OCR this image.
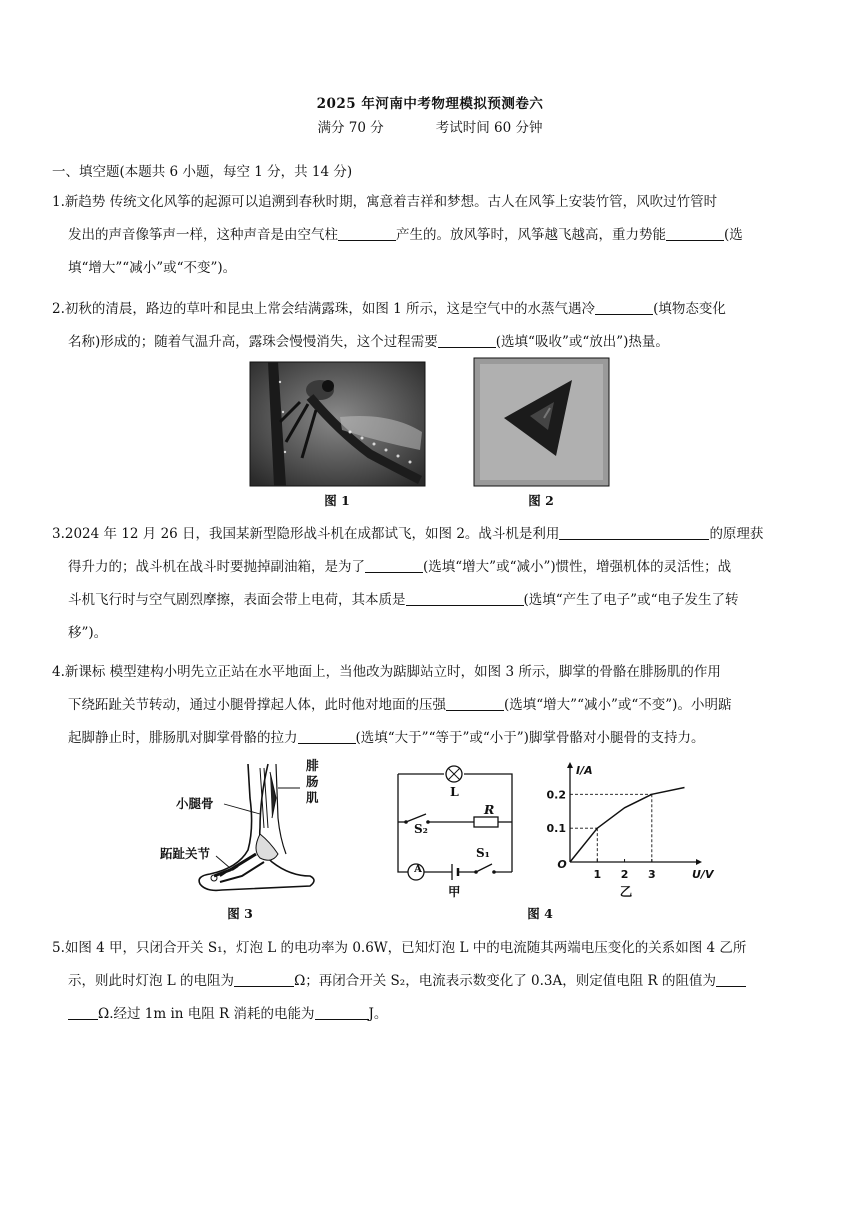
2025 年河南中考物理模拟预测卷六
满分 70 分	考试时间 60 分钟
一、填空题(本题共 6 小题，每空 1 分，共 14 分)
1.新趋势 传统文化风筝的起源可以追溯到春秋时期，寓意着吉祥和梦想。古人在风筝上安装竹管，风吹过竹管时
发出的声音像筝声一样，这种声音是由空气柱	产生的。放风筝时，风筝越飞越高，重力势能	(选
填“增大”“减小”或“不变”)。
2.初秋的清晨，路边的草叶和昆虫上常会结满露珠，如图 1 所示，这是空气中的水蒸气遇冷	(填物态变化
名称)形成的；随着气温升高，露珠会慢慢消失，这个过程需要	(选填“吸收”或“放出”)热量。
图 1	图 2
3.2024 年 12 月 26 日，我国某新型隐形战斗机在成都试飞，如图 2。战斗机是利用	的原理获
得升力的；战斗机在战斗时要抛掉副油箱，是为了	(选填“增大”或“减小”)惯性，增强机体的灵活性；战
斗机飞行时与空气剧烈摩擦，表面会带上电荷，其本质是	(选填“产生了电子”或“电子发生了转
移”)。
4.新课标 模型建构小明先立正站在水平地面上，当他改为踮脚站立时，如图 3 所示，脚掌的骨骼在腓肠肌的作用
下绕跖趾关节转动，通过小腿骨撑起人体，此时他对地面的压强	(选填“增大”“减小”或“不变”)。小明踮
起脚静止时，腓肠肌对脚掌骨骼的拉力	(选填“大于”“等于”或“小于”)脚掌骨骼对小腿骨的支持力。
腓肠肌
小腿骨
跖趾关节
图 3
L
R
S₂
A
S₁
甲
I/A
U/V
O
0.1
0.2
1 2 3
乙
图 4
5.如图 4 甲，只闭合开关 S₁，灯泡 L 的电功率为 0.6W，已知灯泡 L 中的电流随其两端电压变化的关系如图 4 乙所
示，则此时灯泡 L 的电阻为	Ω；再闭合开关 S₂，电流表示数变化了 0.3A，则定值电阻 R 的阻值为
Ω.经过 1m in 电阻 R 消耗的电能为	J。
